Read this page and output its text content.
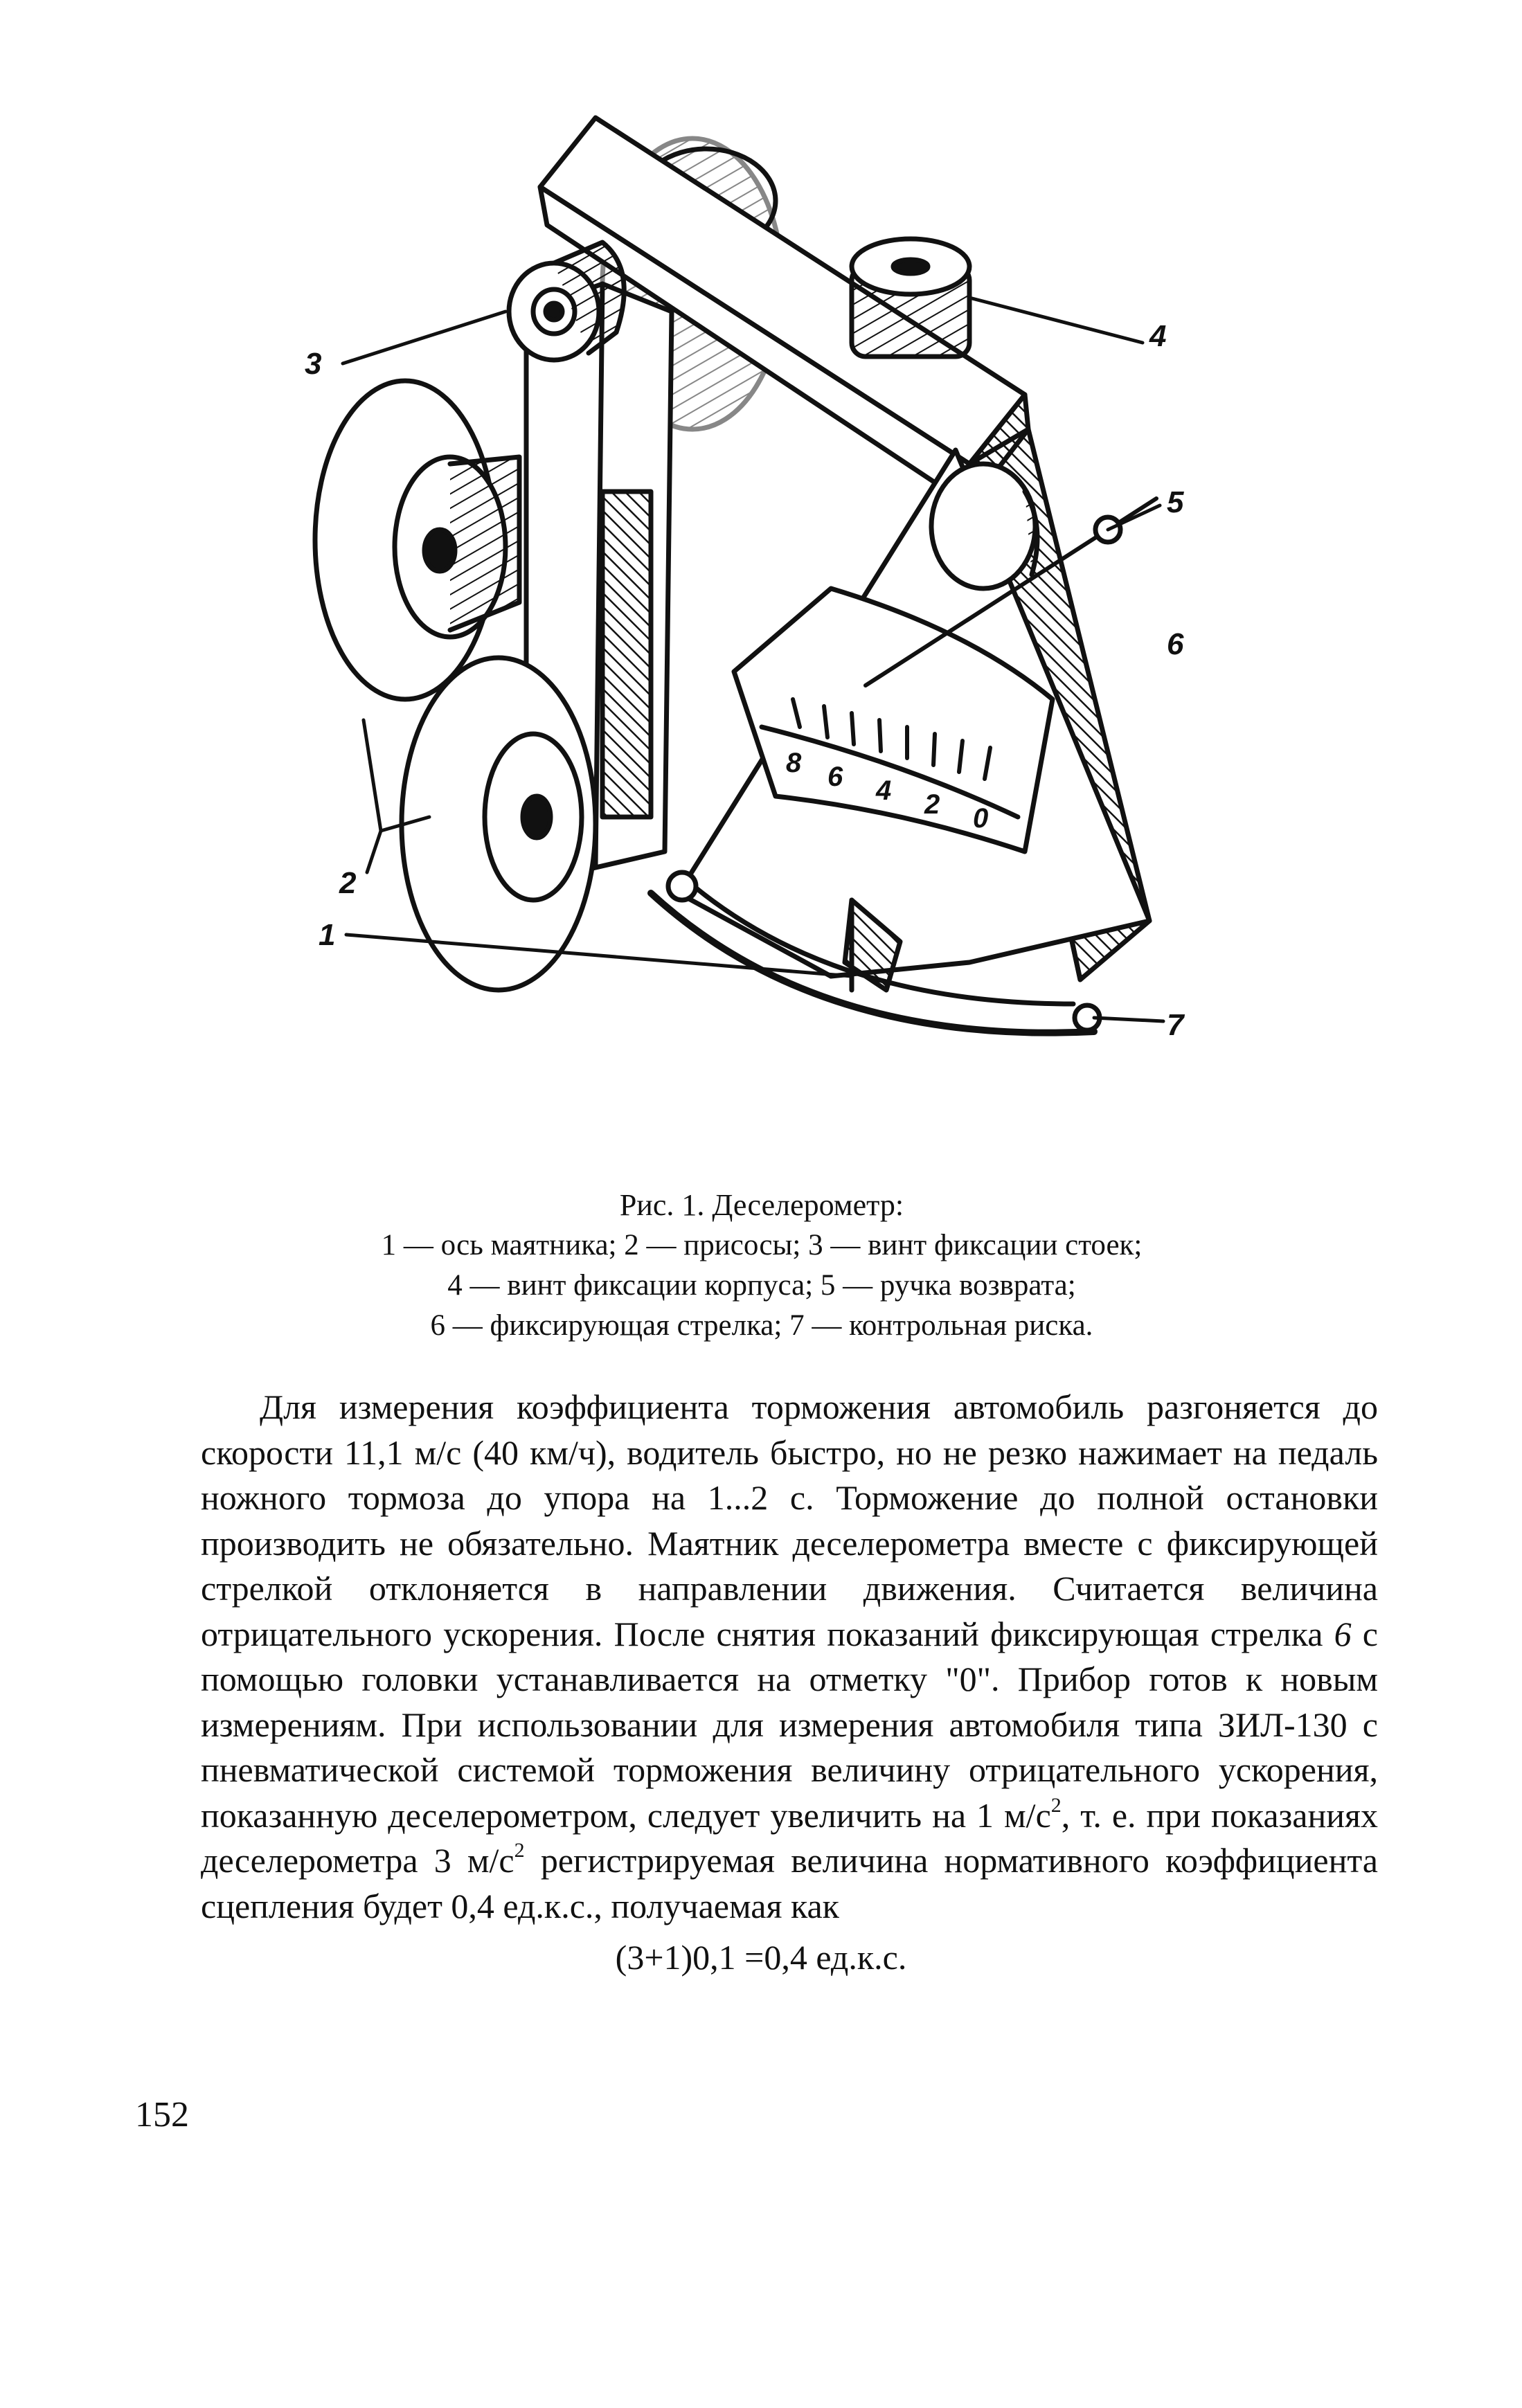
3
4
5
6
2
1
7
8 6 4 2 0
Рис. 1. Деселерометр:
1 — ось маятника; 2 — присосы; 3 — винт фиксации стоек;
4 — винт фиксации корпуса; 5 — ручка возврата;
6 — фиксирующая стрелка; 7 — контрольная риска.
Для измерения коэффициента торможения автомобиль разгоняется до скорости 11,1 м/с (40 км/ч), водитель быстро, но не резко нажимает на педаль ножного тормоза до упора на 1...2 с. Торможение до полной остановки производить не обязательно. Маятник деселерометра вместе с фиксирующей стрелкой отклоняется в направлении движения. Считается величина отрицательного ускорения. После снятия показаний фиксирующая стрелка 6 с помощью головки устанавливается на отметку "0". Прибор готов к новым измерениям. При использовании для измерения автомобиля типа ЗИЛ-130 с пневматической системой торможения величину отрицательного ускорения, показанную деселерометром, следует увеличить на 1 $м/с^2$, т. е. при показаниях деселерометра 3 $м/с^2$ регистрируемая величина нормативного коэффициента сцепления будет 0,4 ед.к.с., получаемая как
(3+1)0,1 =0,4 ед.к.с.
152
